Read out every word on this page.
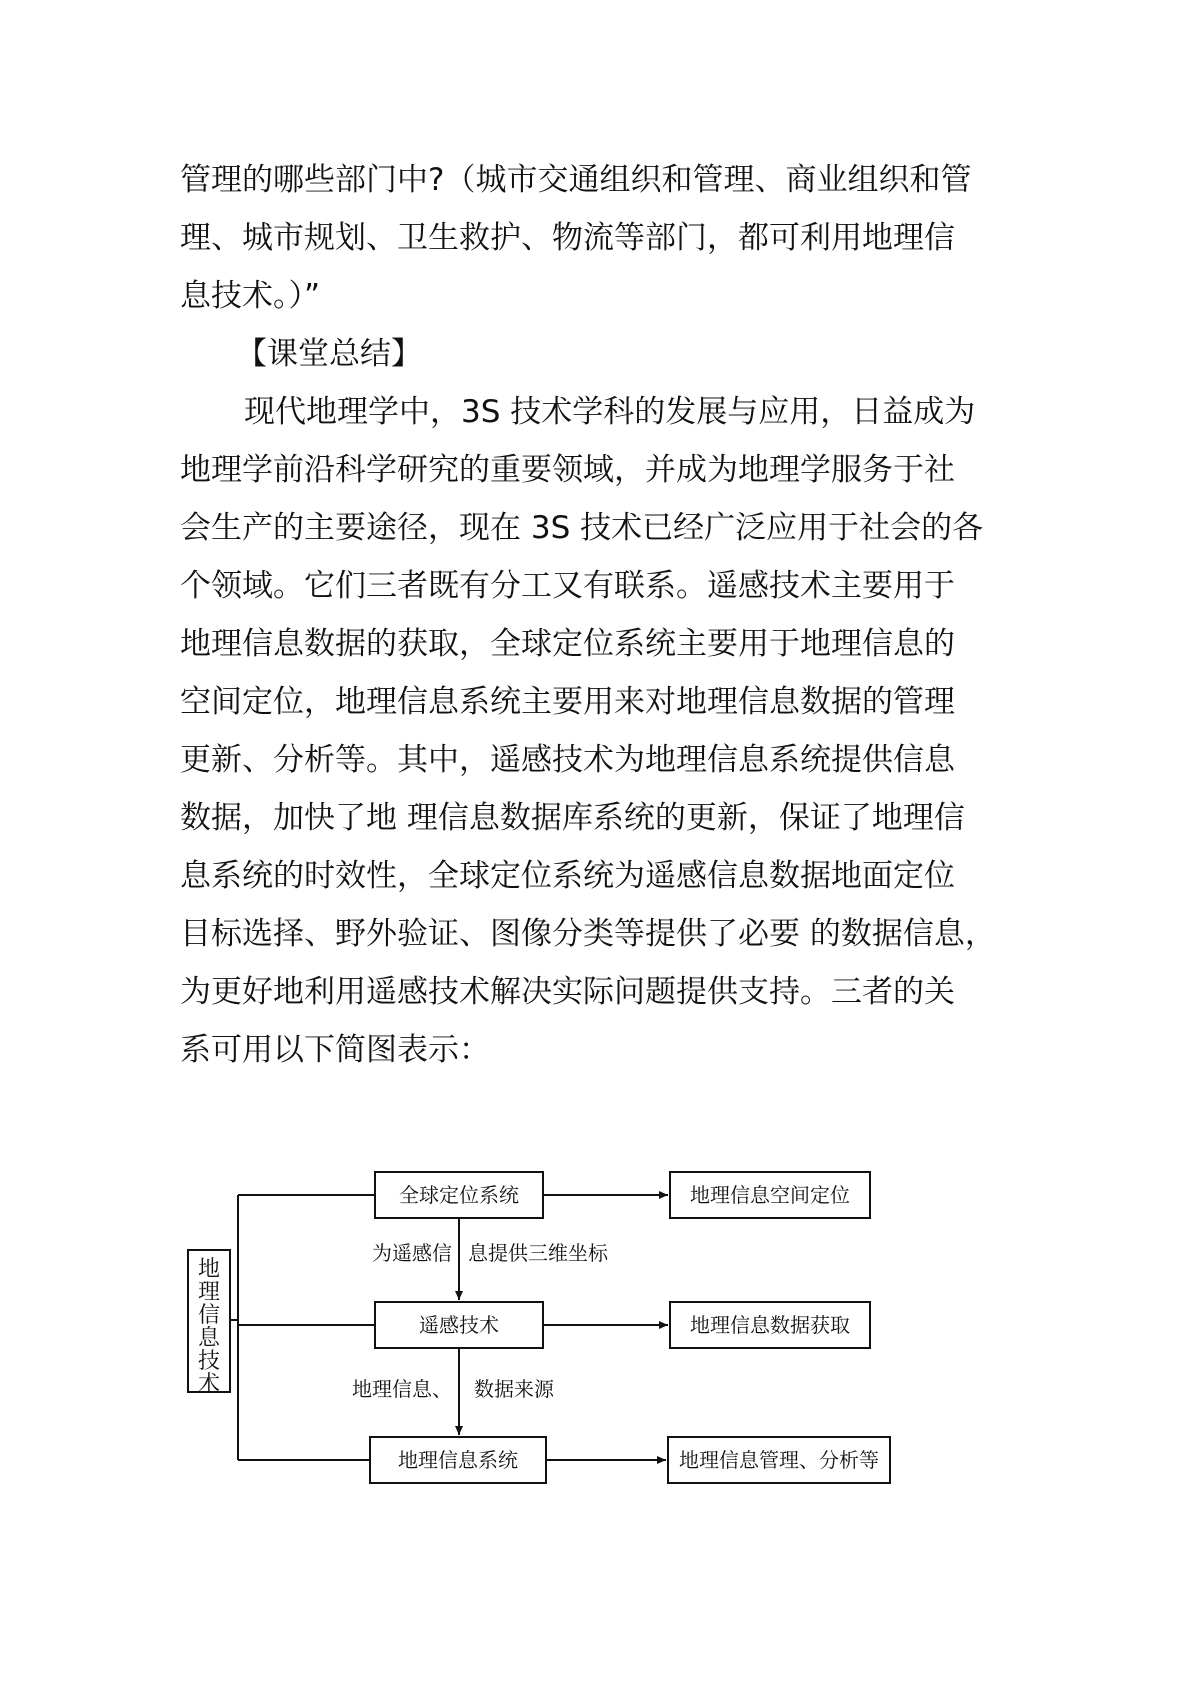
管理的哪些部门中?（城市交通组织和管理、商业组织和管
理、城市规划、卫生救护、物流等部门，都可利用地理信
息技术。）”
【课堂总结】
现代地理学中，3S 技术学科的发展与应用，日益成为
地理学前沿科学研究的重要领域，并成为地理学服务于社
会生产的主要途径，现在 3S 技术已经广泛应用于社会的各
个领域。它们三者既有分工又有联系。遥感技术主要用于
地理信息数据的获取，全球定位系统主要用于地理信息的
空间定位，地理信息系统主要用来对地理信息数据的管理
更新、分析等。其中，遥感技术为地理信息系统提供信息
数据，加快了地 理信息数据库系统的更新，保证了地理信
息系统的时效性，全球定位系统为遥感信息数据地面定位
目标选择、野外验证、图像分类等提供了必要 的数据信息，
为更好地利用遥感技术解决实际问题提供支持。三者的关
系可用以下简图表示：
地
理
信
息
技
术
全球定位系统
遥感技术
地理信息系统
地理信息空间定位
地理信息数据获取
地理信息管理、分析等
为遥感信 息提供三维坐标
地理信息、 数据来源
